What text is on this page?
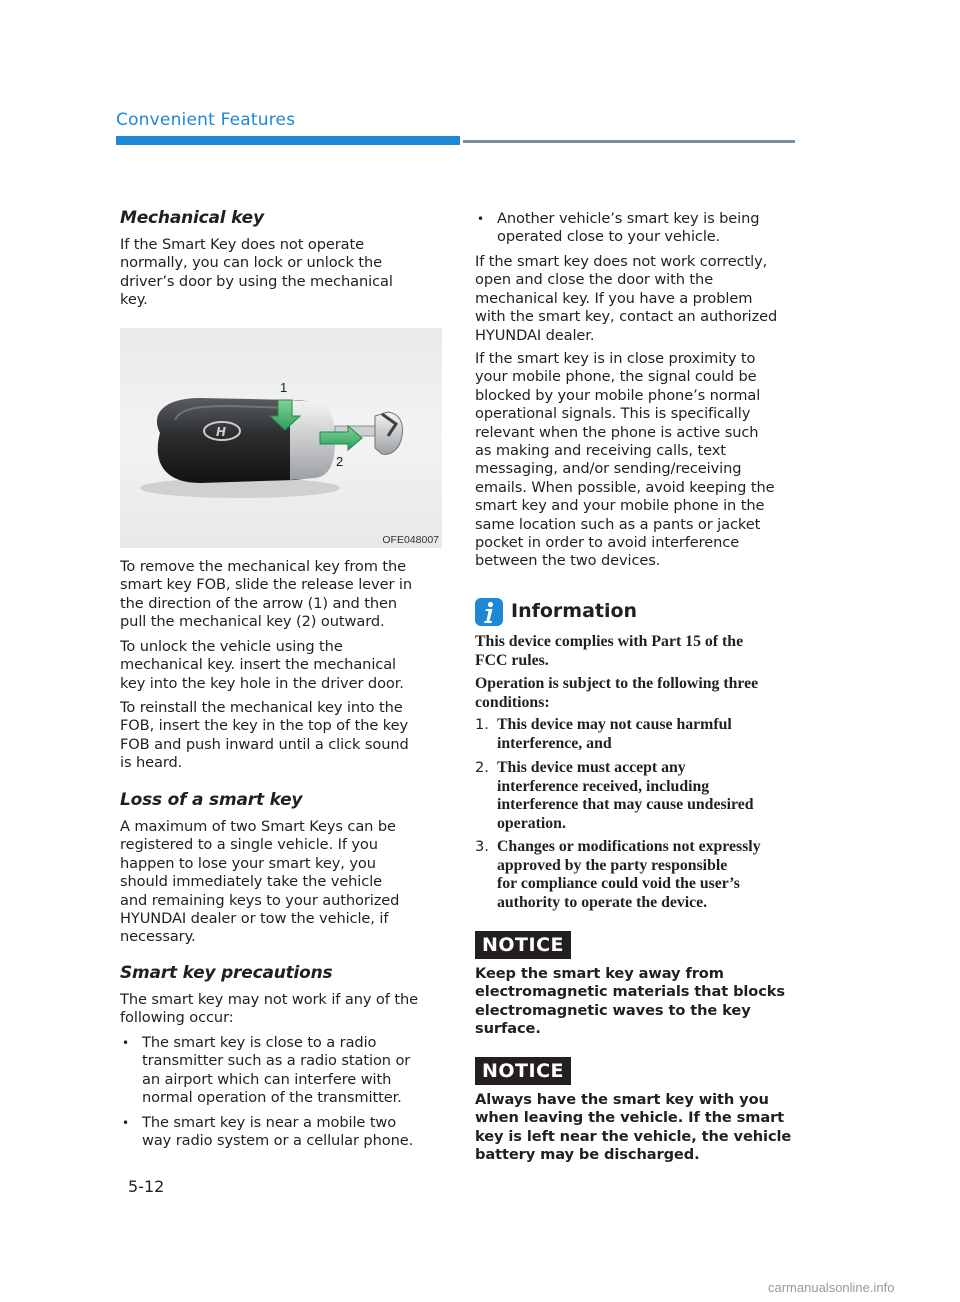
Convenient Features
Mechanical key

If the Smart Key does not operate
normally, you can lock or unlock the
driver’s door by using the mechanical
key.

H
1
2
OFE048007

To remove the mechanical key from the
smart key FOB, slide the release lever in
the direction of the arrow (1) and then
pull the mechanical key (2) outward.

To unlock the vehicle using the
mechanical key. insert the mechanical
key into the key hole in the driver door.

To reinstall the mechanical key into the
FOB, insert the key in the top of the key
FOB and push inward until a click sound
is heard.

Loss of a smart key

A maximum of two Smart Keys can be
registered to a single vehicle. If you
happen to lose your smart key, you
should immediately take the vehicle
and remaining keys to your authorized
HYUNDAI dealer or tow the vehicle, if
necessary.

Smart key precautions

The smart key may not work if any of the
following occur:

• The smart key is close to a radio
transmitter such as a radio station or
an airport which can interfere with
normal operation of the transmitter.
• The smart key is near a mobile two
way radio system or a cellular phone.
• Another vehicle’s smart key is being
operated close to your vehicle.

If the smart key does not work correctly,
open and close the door with the
mechanical key. If you have a problem
with the smart key, contact an authorized
HYUNDAI dealer.

If the smart key is in close proximity to
your mobile phone, the signal could be
blocked by your mobile phone’s normal
operational signals. This is specifically
relevant when the phone is active such
as making and receiving calls, text
messaging, and/or sending/receiving
emails. When possible, avoid keeping the
smart key and your mobile phone in the
same location such as a pants or jacket
pocket in order to avoid interference
between the two devices.

Information

This device complies with Part 15 of the
FCC rules.

Operation is subject to the following three
conditions:

1. This device may not cause harmful
interference, and
2. This device must accept any
interference received, including
interference that may cause undesired
operation.
3. Changes or modifications not expressly
approved by the party responsible
for compliance could void the user’s
authority to operate the device.
NOTICE

Keep the smart key away from
electromagnetic materials that blocks
electromagnetic waves to the key
surface.

NOTICE

Always have the smart key with you
when leaving the vehicle. If the smart
key is left near the vehicle, the vehicle
battery may be discharged.

5-12
carmanualsonline.info
